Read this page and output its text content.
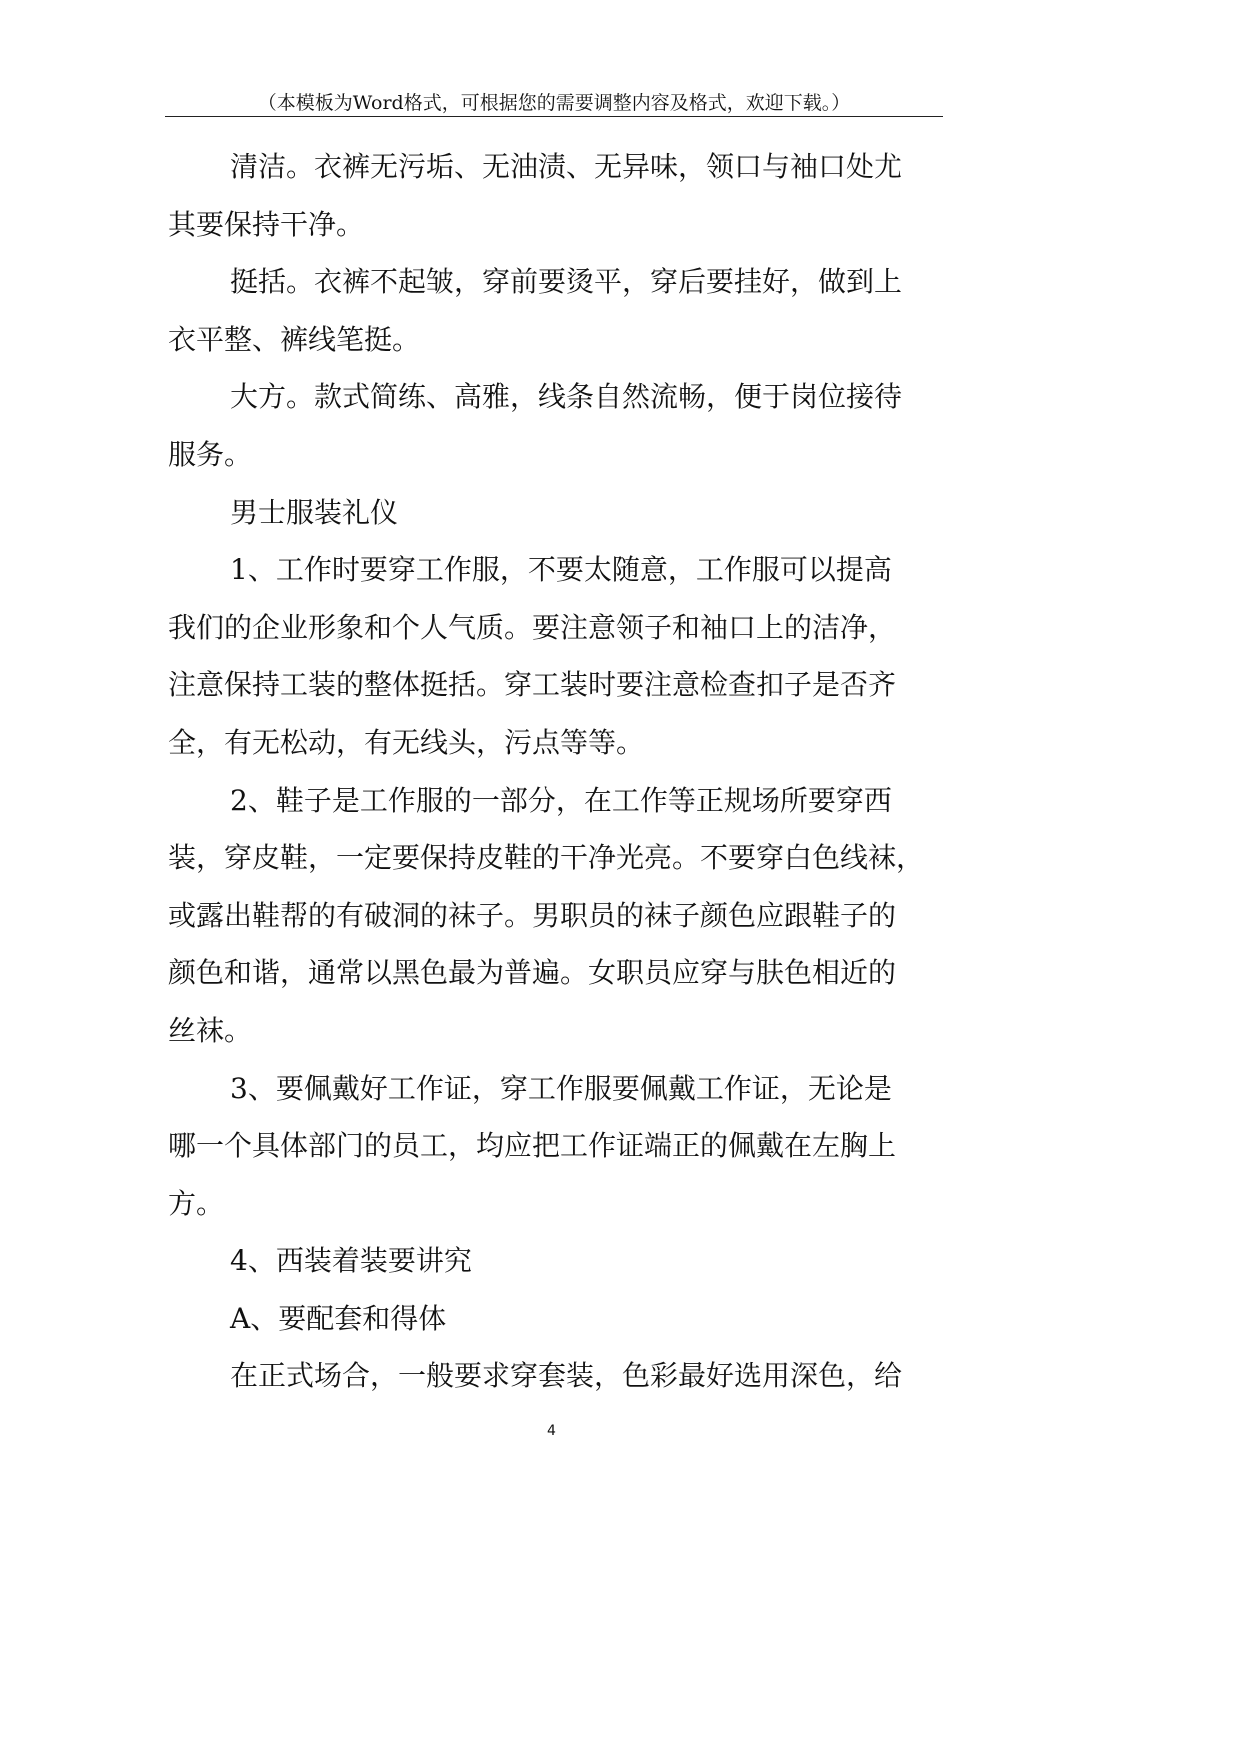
（本模板为Word格式，可根据您的需要调整内容及格式，欢迎下载。）
清洁。衣裤无污垢、无油渍、无异味，领口与袖口处尤
其要保持干净。
挺括。衣裤不起皱，穿前要烫平，穿后要挂好，做到上
衣平整、裤线笔挺。
大方。款式简练、高雅，线条自然流畅，便于岗位接待
服务。
男士服装礼仪
1、工作时要穿工作服，不要太随意，工作服可以提高
我们的企业形象和个人气质。要注意领子和袖口上的洁净，
注意保持工装的整体挺括。穿工装时要注意检查扣子是否齐
全，有无松动，有无线头，污点等等。
2、鞋子是工作服的一部分，在工作等正规场所要穿西
装，穿皮鞋，一定要保持皮鞋的干净光亮。不要穿白色线袜，
或露出鞋帮的有破洞的袜子。男职员的袜子颜色应跟鞋子的
颜色和谐，通常以黑色最为普遍。女职员应穿与肤色相近的
丝袜。
3、要佩戴好工作证，穿工作服要佩戴工作证，无论是
哪一个具体部门的员工，均应把工作证端正的佩戴在左胸上
方。
4、西装着装要讲究
A、要配套和得体
在正式场合，一般要求穿套装，色彩最好选用深色，给
4
